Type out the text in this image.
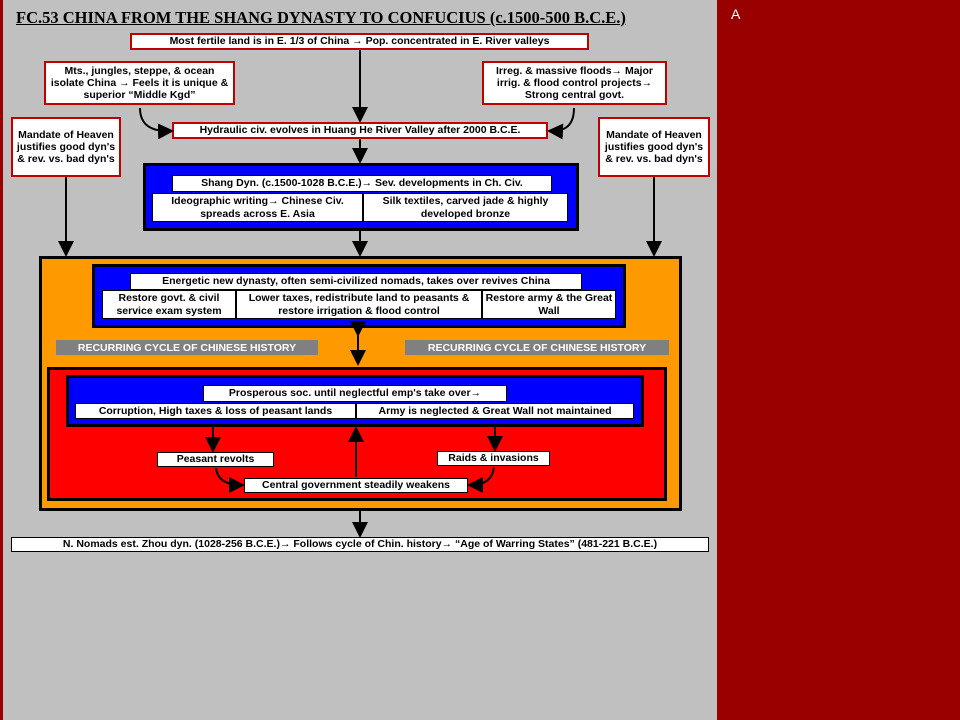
A
FC.53 CHINA FROM THE SHANG DYNASTY TO CONFUCIUS (c.1500-500 B.C.E.)
Most fertile land is in E. 1/3 of China → Pop. concentrated in E. River valleys
Mts., jungles, steppe, & ocean isolate China → Feels it is unique & superior “Middle Kgd”
Irreg. & massive floods→ Major irrig. & flood control projects→ Strong central govt.
Mandate of Heaven justifies good dyn's & rev. vs. bad dyn's
Mandate of Heaven justifies good dyn's & rev. vs. bad dyn's
Hydraulic civ. evolves in Huang He River Valley after 2000 B.C.E.
Shang Dyn. (c.1500-1028 B.C.E.)→ Sev. developments in Ch. Civ.
Ideographic writing→ Chinese Civ. spreads across E. Asia
Silk textiles, carved jade & highly developed bronze
Energetic new dynasty, often semi-civilized nomads, takes over revives China
Restore govt. & civil service exam system
Lower taxes, redistribute land to peasants & restore irrigation & flood control
Restore army & the Great Wall
RECURRING CYCLE OF CHINESE HISTORY	RECURRING CYCLE OF CHINESE HISTORY
Prosperous soc. until neglectful emp's take over→
Corruption, High taxes & loss of peasant lands	Army is neglected & Great Wall not maintained
Peasant revolts	Raids & invasions
Central government steadily weakens
N. Nomads est. Zhou dyn. (1028-256 B.C.E.)→ Follows cycle of Chin. history→ “Age of Warring States” (481-221 B.C.E.)
